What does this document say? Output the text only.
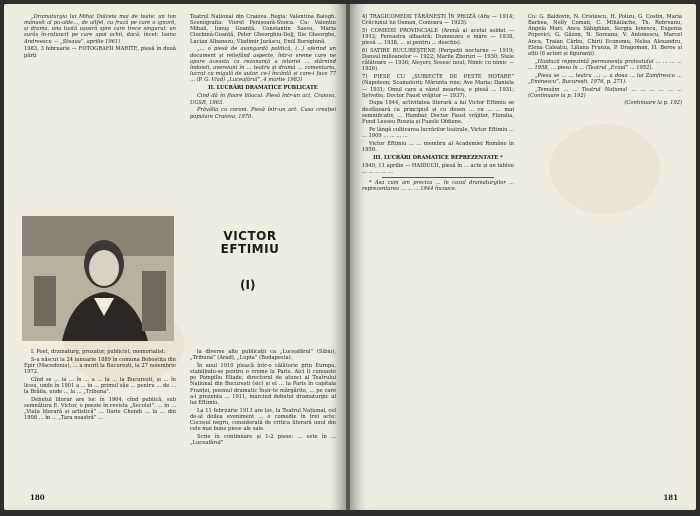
„Dramaturgia lui Mihai Dulceiu mai de toate: un ton mănusit al pu-alde..., de altfel, cu frază pe care o ignoră, și drama, una toată ușoară spre care trece singurul: un surâs în-rotuncit pe care apoi ochii, dacă, încet: Ioana Andreescu — „Steaua”, aprilie 1961)

1983, 3 februarie — FOTOGRAFII MARITE, piesă în două părți

Teatrul Național din Craiova. Regia: Valentina Balogh. Scenografia: Viorel Penișoară-Stoica. Cu: Valentin Mihali, Ionuș Goanță, Constantin Sassu, Maria Ciochină-Goanță, Peter Gheorghiu-Dolj, Ilie Gheorghe, Lucian Albanezu, Vladimir Jurăscu, Emil Boroghină.

„... o piesă de avangardă politică, (...) oferind un document și reliefând aspecte, într-o vreme care ne apare aceasta ca rezonanță a istoriei ... stârnind îndoieli, aversiuni în ... teatru și dramă ... comentariu, lucrat cu migală de autor, ce-l încântă și care-i face 77 ... (P. G. Vlad) „Luceafărul”, 4 martie 1983)

II. LUCRĂRI DRAMATICE PUBLICATE

Cind dă în floare liliacul. Piesă într-un act, Craiova, UGSR, 1963.

Prăvălia cu coroni. Piesă într-un act. Casa creației populare Craiova, 1970.

VICTOR
EFTIMIU
(I)

I. Poet, dramaturg, prozator, publicist, memorialist.

S-a născut la 24 ianuarie 1889 în comuna Boboștița din Epir (Macedonia), ... a murit la București, la 27 noiembrie 1972.

Cînd se ... la ... în ... a ... la ... la București, și ... în liceu, unde în 1901 a ... în ... primul său ... pentru ... de ... la Brăila, unde ... la ... „Tribuna”.

Debutul literar are loc în 1904, cînd publică, sub semnătura E. Victor, o poezie în revista „Secolul”. ... în ... „Viața literară și artistică” ... Ilarie Chendi ... la ... din 1908 ... în ... „Tara noastră” ...

la diverse alte publicații ca „Luceafărul” (Sibiu), „Tribuna” (Arad), „Lupta” (Budapesta).

În anul 1910 pleacă într-o călătorie prin Europa, stabilindu-se pentru o vreme la Paris. Aici îl cunoaște pe Pompiliu Eliade, directorul de atunci al Teatrului Național din București (sic) și el ... la Paris în capitala Franței, poemul dramatic Înșir-te mărgărite, ... pe care a-l prezenta ... 1911, marcind debutul dramaturgic al lui Eftimiu.

La 11 februarie 1913 are loc, la Teatrul Național, cel de-al doilea eveniment ... o comedie în trei acte: Cocoșul negru, considerată de critica literară unul din cele mai bune piese ale sale.

Scrie în continuare și 1-2 piese: ... este în ... „Luceafărul”

180

4) TRAGICOMEDII ȚĂRĂNEȘTI ÎN PROZĂ (Afiș — 1914; Crăciunul lui Osman, Comoara — 1923).

5) COMEDII PROVINCIALE (Arenă al acelui soldat — 1912; Fereastra albastră; Dumnezeu e mare — 1938, piesă ... 1938, ... și pentru ... deschis).

6) SATIRE BUCUREȘTENE (Peripeții nocturne — 1919; Dansul milioanelor — 1922; Marile Zboruri — 1930; Stele călătoare — 1936; Aleyeri; Sosesc noul; Nimic cu nimic — 1926).

7) PIESE CU „SUBIECTE DE PESTE HOTARE” (Napoleon; Scamatorii; Mărunta roie; Ave Maria; Daniela — 1931; Omul care a văzut moartea, o piesă ... 1931; Sylvette; Doctor Faust vrăjitor — 1937).

Dupa 1944, activitatea literară a lui Victor Eftimiu se desfășoară ca principiul și cu desen ... cu ... ... mai semnificativ, ... Hambar, Doctor Faust vrăjitor, Floralia, Fund Lesseu Ruszia și Fuzele Ofdiene.

Pe lângă cultivarea lucrărilor teatrale, Victor Eftimiu ... ... 1909 ... ... ... ...

Victor Eftimiu ... ... membru al Academiei Române în 1950.

III. LUCRĂRI DRAMATICE REPREZENTATE *

1949, 11 aprilie — HAIDUCII, piesă în ... acte și un tablou ... ... ... ... ...

* Asa cum am preciza ... în cazul dramaturgilor ... reprezentarea ... ... ... 1944 încoace.

Cu: G. Baldovin, N. Cristescu, H. Polizu, G. Costin, Maria Barbea, Nelly Coman, C. Mihăilache, Th. Rebreanu, Angela Mari, Anca Săhighian, Sergiu Ionescu, Eugenia Popovici, G. Găzon, N. Soreanu, V. Antonescu, Marcel Anca, Traian Cărbu, Chirii Economu, Nelea Alexandru, Elena Caleatiu, Liliana Frunza, P. Dragoman, H. Beros și alții (8 actori și figuranți).

„Haiducii reprezintă permanența protestului ... ... ... ... ... 1958, ... piesa în ... (Teatrul „Ecoul” ... 1952).

„Piesa se ... ... teatru ...; ... a doua ... lui Zamfirescu ... „Eminescu”, București, 1976, p. 271).

„Temaăm ... ... Teatrul Național ... ... ... ... ... ... (Continuare la p. 192)

(Continuare la p. 192)

181
